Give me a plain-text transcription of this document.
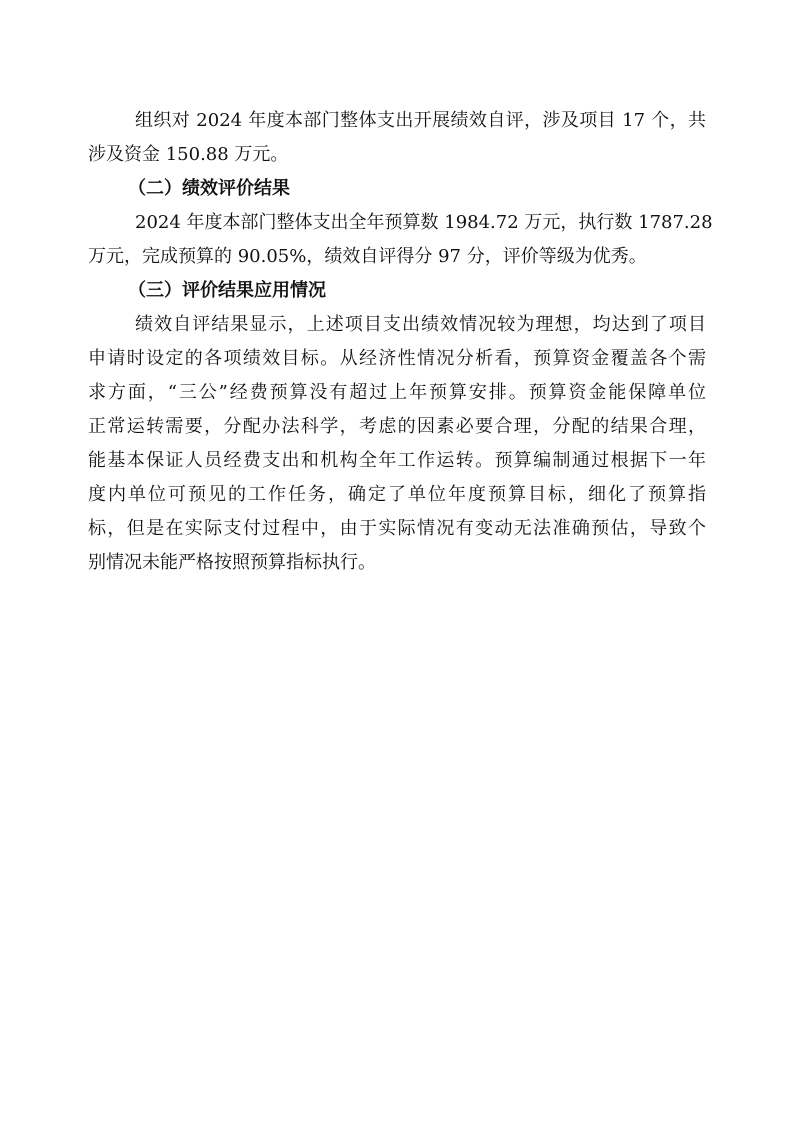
组织对 2024 年度本部门整体支出开展绩效自评，涉及项目 17 个，共
涉及资金 150.88 万元。
（二）绩效评价结果
2024 年度本部门整体支出全年预算数 1984.72 万元，执行数 1787.28
万元，完成预算的 90.05%，绩效自评得分 97 分，评价等级为优秀。
（三）评价结果应用情况
绩效自评结果显示，上述项目支出绩效情况较为理想，均达到了项目
申请时设定的各项绩效目标。从经济性情况分析看，预算资金覆盖各个需
求方面，“三公”经费预算没有超过上年预算安排。预算资金能保障单位
正常运转需要，分配办法科学，考虑的因素必要合理，分配的结果合理，
能基本保证人员经费支出和机构全年工作运转。预算编制通过根据下一年
度内单位可预见的工作任务，确定了单位年度预算目标，细化了预算指
标，但是在实际支付过程中，由于实际情况有变动无法准确预估，导致个
别情况未能严格按照预算指标执行。
